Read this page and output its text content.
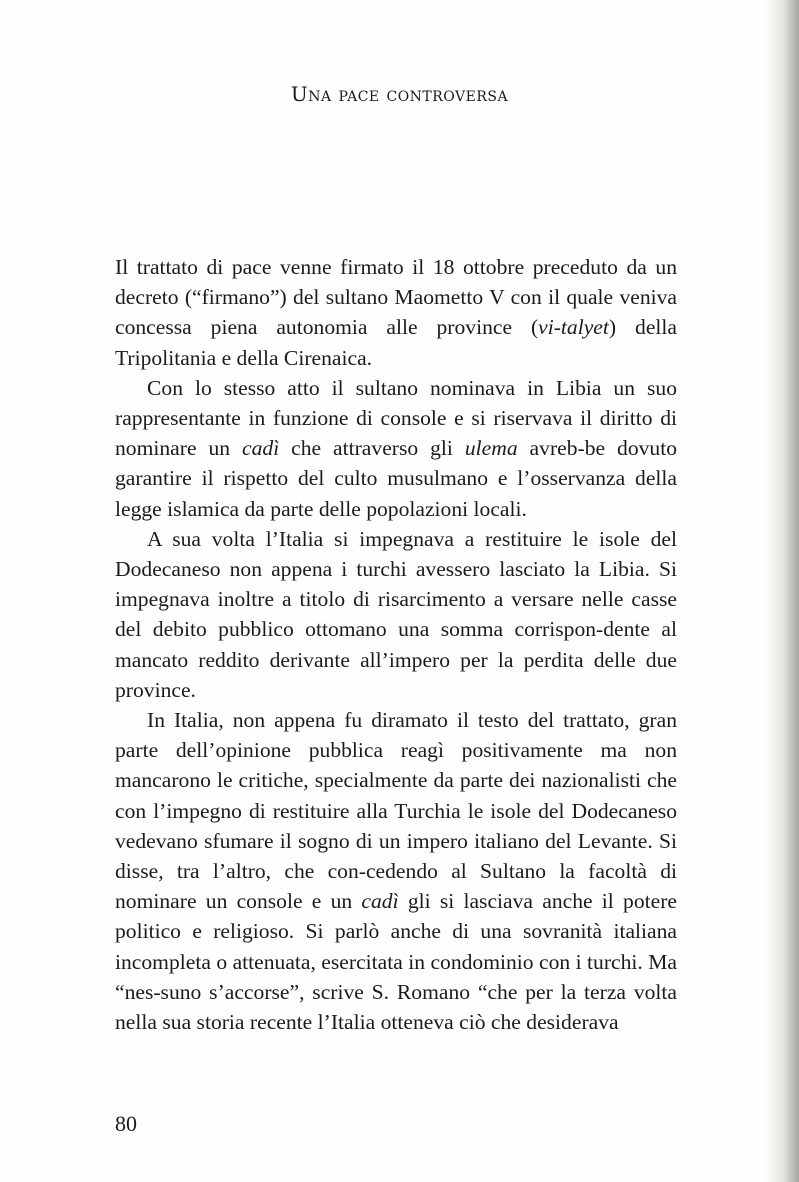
Una pace controversa

Il trattato di pace venne firmato il 18 ottobre preceduto da un decreto (“firmano”) del sultano Maometto V con il quale veniva concessa piena autonomia alle province (vi-talyet) della Tripolitania e della Cirenaica.

Con lo stesso atto il sultano nominava in Libia un suo rappresentante in funzione di console e si riservava il diritto di nominare un cadì che attraverso gli ulema avreb-be dovuto garantire il rispetto del culto musulmano e l’osservanza della legge islamica da parte delle popolazioni locali.

A sua volta l’Italia si impegnava a restituire le isole del Dodecaneso non appena i turchi avessero lasciato la Libia. Si impegnava inoltre a titolo di risarcimento a versare nelle casse del debito pubblico ottomano una somma corrispon-dente al mancato reddito derivante all’impero per la perdita delle due province.

In Italia, non appena fu diramato il testo del trattato, gran parte dell’opinione pubblica reagì positivamente ma non mancarono le critiche, specialmente da parte dei nazionalisti che con l’impegno di restituire alla Turchia le isole del Dodecaneso vedevano sfumare il sogno di un impero italiano del Levante. Si disse, tra l’altro, che con-cedendo al Sultano la facoltà di nominare un console e un cadì gli si lasciava anche il potere politico e religioso. Si parlò anche di una sovranità italiana incompleta o attenuata, esercitata in condominio con i turchi. Ma “nes-suno s’accorse”, scrive S. Romano “che per la terza volta nella sua storia recente l’Italia otteneva ciò che desiderava

80
